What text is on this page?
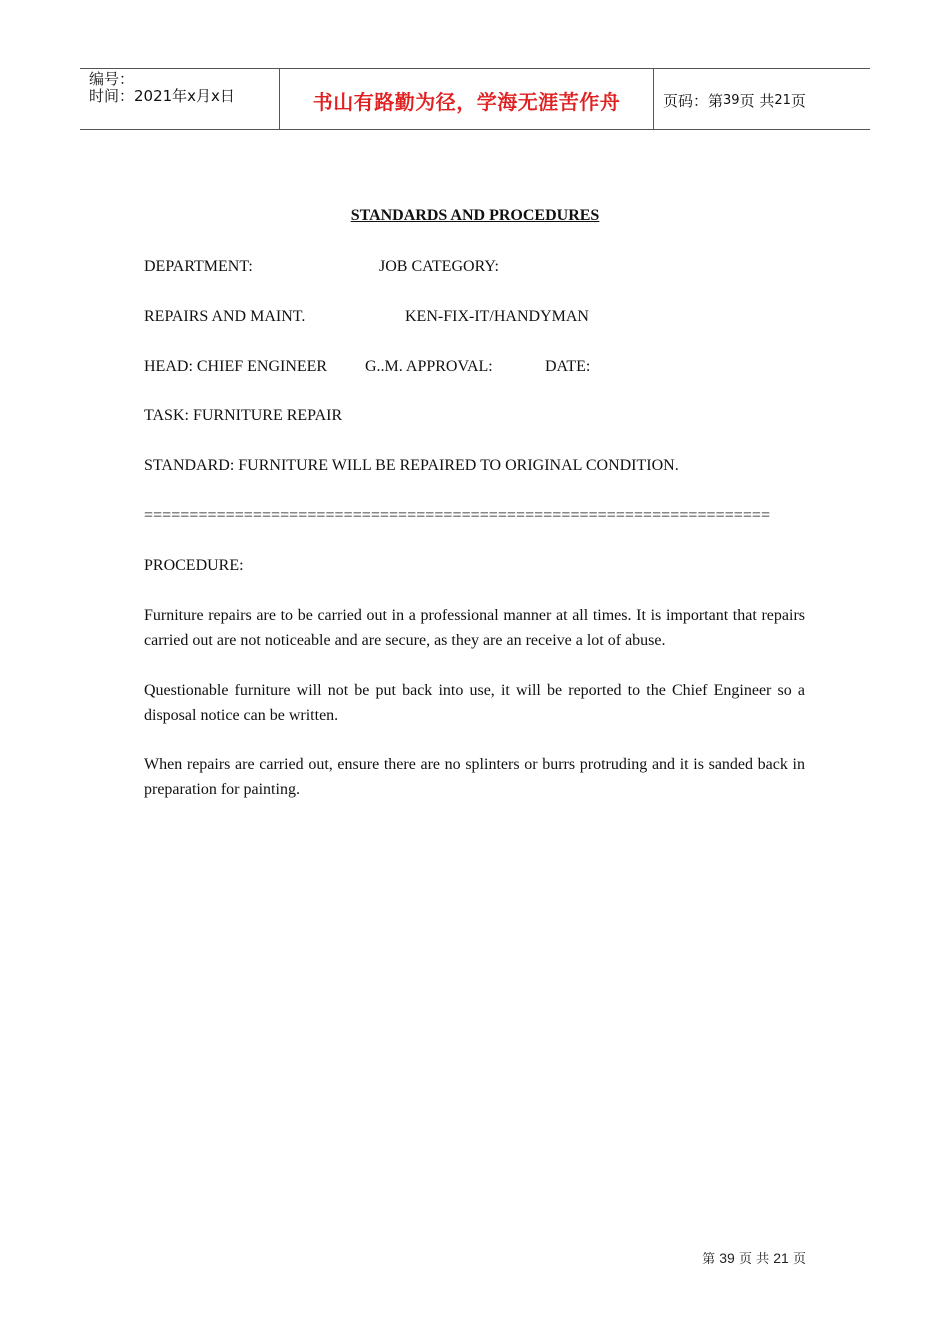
编号：
时间：2021年x月x日	书山有路勤为径，学海无涯苦作舟	页码：第 39 页 共 21 页
STANDARDS AND PROCEDURES
DEPARTMENT:	JOB CATEGORY:
REPAIRS AND MAINT.	KEN-FIX-IT/HANDYMAN
HEAD: CHIEF ENGINEER G..M. APPROVAL:	DATE:
TASK: FURNITURE REPAIR
STANDARD: FURNITURE WILL BE REPAIRED TO ORIGINAL CONDITION.
=====================================================================
PROCEDURE:
Furniture repairs are to be carried out in a professional manner at all times. It is important that repairs carried out are not noticeable and are secure, as they are an receive a lot of abuse.
Questionable furniture will not be put back into use, it will be reported to the Chief Engineer so a disposal notice can be written.
When repairs are carried out, ensure there are no splinters or burrs protruding and it is sanded back in preparation for painting.
第 39 页 共 21 页
